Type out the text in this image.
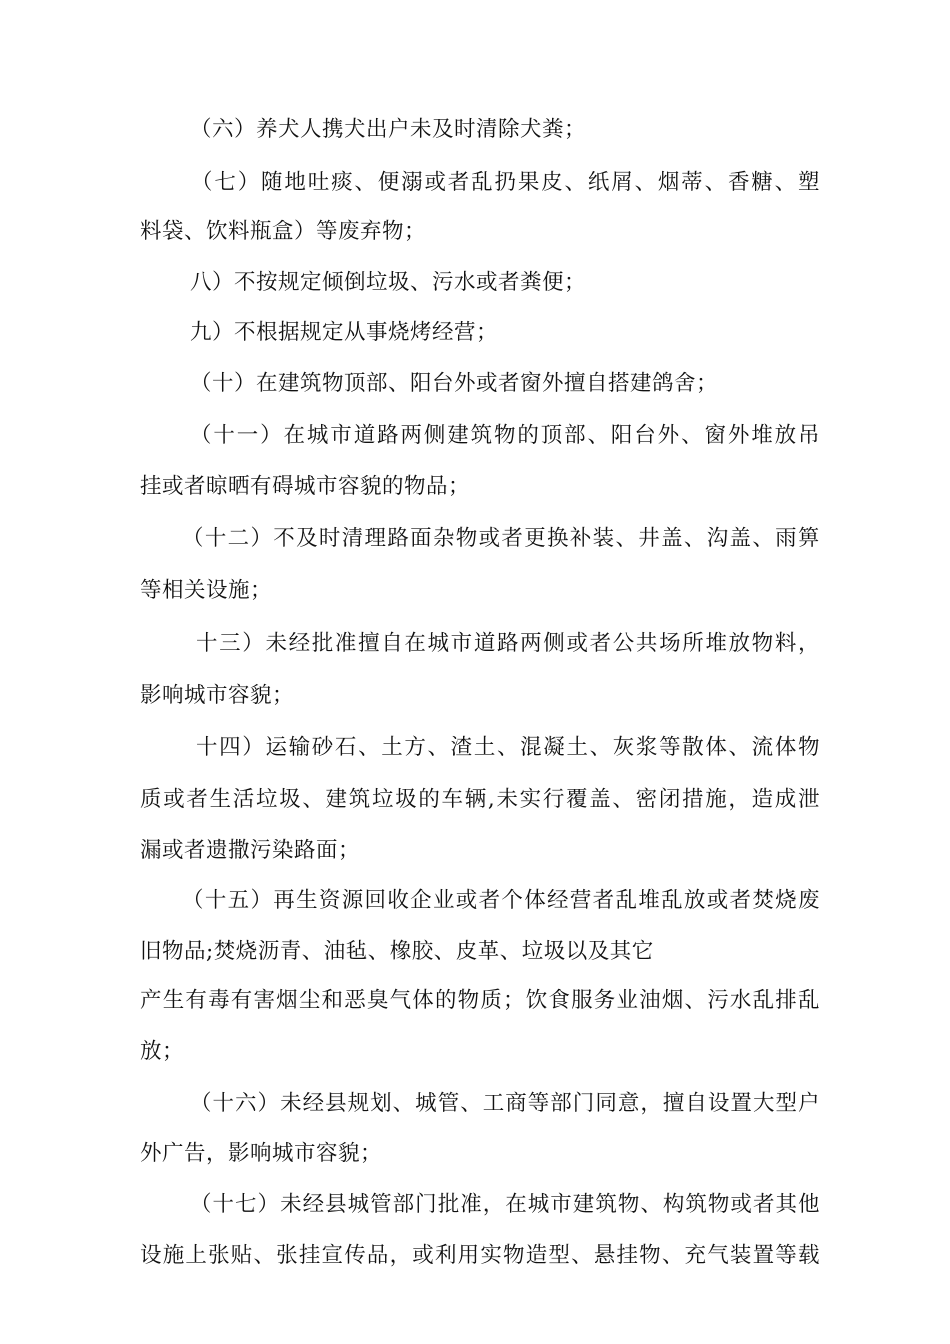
（六）养犬人携犬出户未及时清除犬粪；
（七）随地吐痰、便溺或者乱扔果皮、纸屑、烟蒂、香糖、塑
料袋、饮料瓶盒）等废弃物；
八）不按规定倾倒垃圾、污水或者粪便；
九）不根据规定从事烧烤经营；
（十）在建筑物顶部、阳台外或者窗外擅自搭建鸽舍；
（十一）在城市道路两侧建筑物的顶部、阳台外、窗外堆放吊
挂或者晾晒有碍城市容貌的物品；
（十二）不及时清理路面杂物或者更换补装、井盖、沟盖、雨箅
等相关设施；
十三）未经批准擅自在城市道路两侧或者公共场所堆放物料，
影响城市容貌；
十四）运输砂石、土方、渣土、混凝土、灰浆等散体、流体物
质或者生活垃圾、建筑垃圾的车辆,未实行覆盖、密闭措施，造成泄
漏或者遗撒污染路面；
（十五）再生资源回收企业或者个体经营者乱堆乱放或者焚烧废
旧物品;焚烧沥青、油毡、橡胶、皮革、垃圾以及其它
产生有毒有害烟尘和恶臭气体的物质；饮食服务业油烟、污水乱排乱
放；
（十六）未经县规划、城管、工商等部门同意，擅自设置大型户
外广告，影响城市容貌；
（十七）未经县城管部门批准，在城市建筑物、构筑物或者其他
设施上张贴、张挂宣传品，或利用实物造型、悬挂物、充气装置等载
